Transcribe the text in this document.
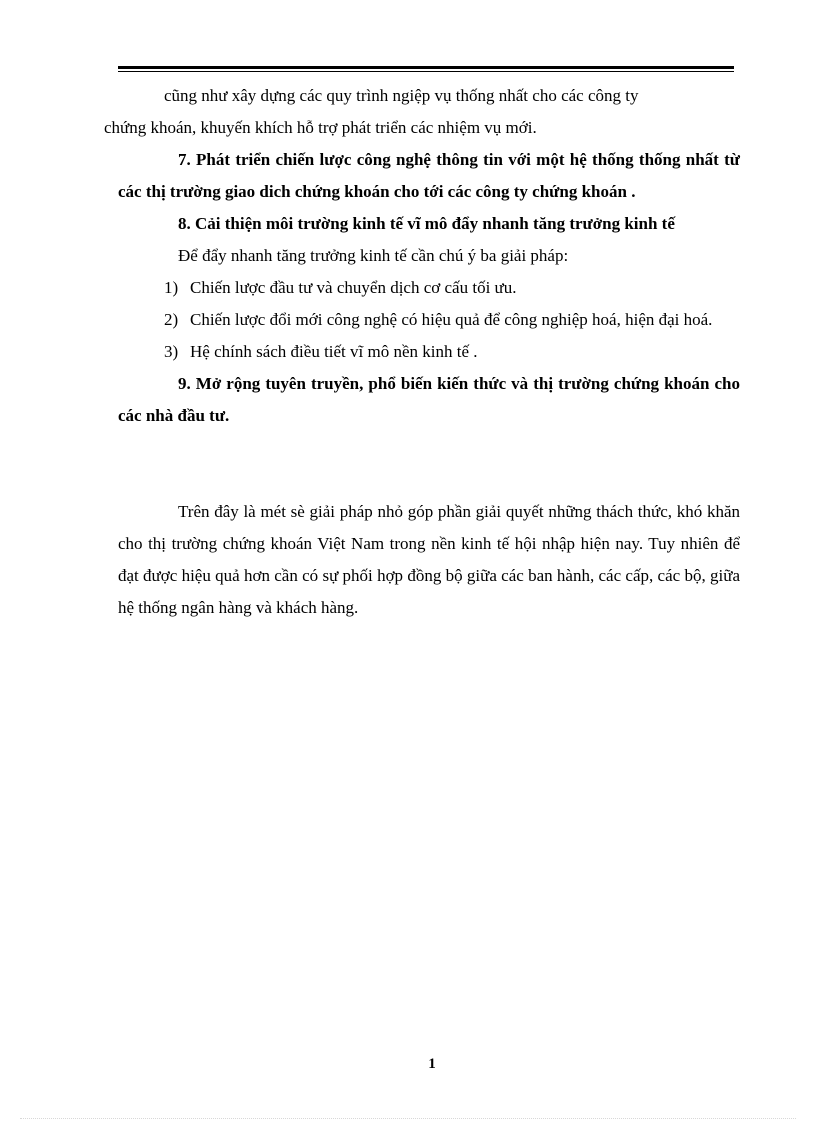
cũng như xây dựng các quy trình ngiệp vụ thống nhất cho các công ty

chứng khoán, khuyến khích hỗ trợ phát triển các nhiệm vụ mới.

7. Phát triển chiến lược công nghệ thông tin với một hệ thống thống nhất từ các thị trường giao dich chứng khoán cho tới các công ty chứng khoán .

8. Cải thiện môi trường kinh tế vĩ mô đẩy nhanh tăng trưởng kinh tế

Để đẩy nhanh tăng trưởng kinh tế cần chú ý ba giải pháp:

1) Chiến lược đầu tư và chuyển dịch cơ cấu tối ưu.
2) Chiến lược đổi mới công nghệ có hiệu quả để công nghiệp hoá, hiện đại hoá.
3) Hệ chính sách điều tiết vĩ mô nền kinh tế .

9. Mở rộng tuyên truyền, phổ biến kiến thức và thị trường chứng khoán cho các nhà đầu tư.

Trên đây là mét sè giải pháp nhỏ góp phần giải quyết những thách thức, khó khăn cho thị trường chứng khoán Việt Nam trong nền kinh tế hội nhập hiện nay. Tuy nhiên để đạt được hiệu quả hơn cần có sự phối hợp đồng bộ giữa các ban hành, các cấp, các bộ, giữa hệ thống ngân hàng và khách hàng.

1
